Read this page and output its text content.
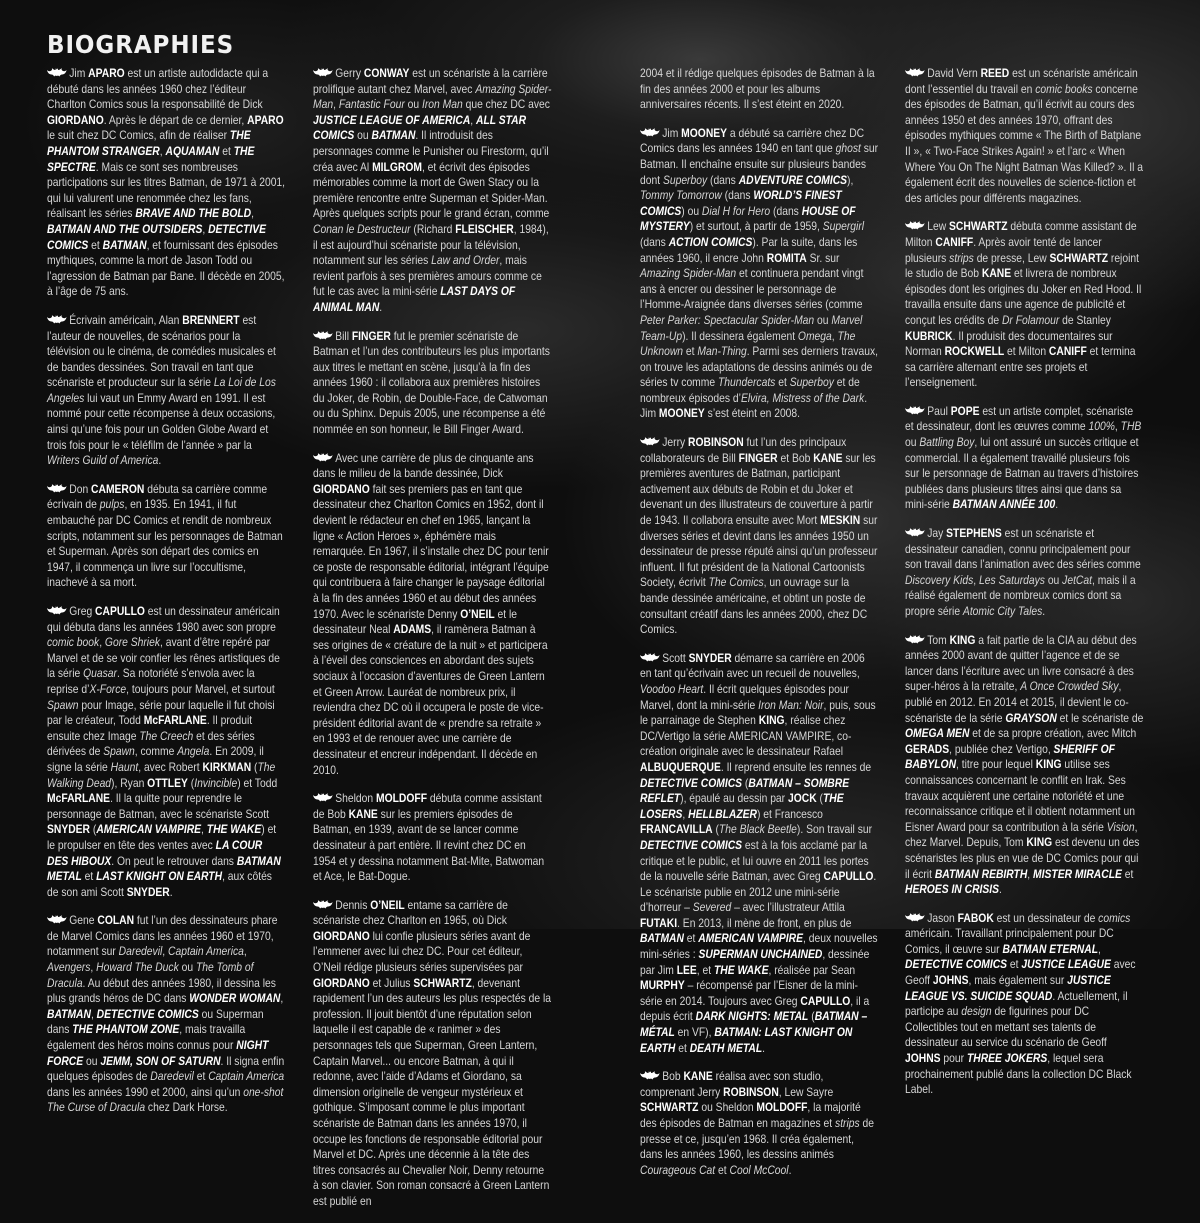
BIOGRAPHIES

Jim APARO est un artiste autodidacte qui a débuté dans les années 1960 chez l’éditeur Charlton Comics sous la responsabilité de Dick GIORDANO. Après le départ de ce dernier, APARO le suit chez DC Comics, afin de réaliser THE PHANTOM STRANGER, AQUAMAN et THE SPECTRE. Mais ce sont ses nombreuses participations sur les titres Batman, de 1971 à 2001, qui lui valurent une renommée chez les fans, réalisant les séries BRAVE AND THE BOLD, BATMAN AND THE OUTSIDERS, DETECTIVE COMICS et BATMAN, et fournissant des épisodes mythiques, comme la mort de Jason Todd ou l’agression de Batman par Bane. Il décède en 2005, à l’âge de 75 ans.

Écrivain américain, Alan BRENNERT est l’auteur de nouvelles, de scénarios pour la télévision ou le cinéma, de comédies musicales et de bandes dessinées. Son travail en tant que scénariste et producteur sur la série La Loi de Los Angeles lui vaut un Emmy Award en 1991. Il est nommé pour cette récompense à deux occasions, ainsi qu’une fois pour un Golden Globe Award et trois fois pour le « téléfilm de l’année » par la Writers Guild of America.

Don CAMERON débuta sa carrière comme écrivain de pulps, en 1935. En 1941, il fut embauché par DC Comics et rendit de nombreux scripts, notamment sur les personnages de Batman et Superman. Après son départ des comics en 1947, il commença un livre sur l’occultisme, inachevé à sa mort.

Greg CAPULLO est un dessinateur américain qui débuta dans les années 1980 avec son propre comic book, Gore Shriek, avant d’être repéré par Marvel et de se voir confier les rênes artistiques de la série Quasar. Sa notoriété s’envola avec la reprise d’X-Force, toujours pour Marvel, et surtout Spawn pour Image, série pour laquelle il fut choisi par le créateur, Todd McFARLANE. Il produit ensuite chez Image The Creech et des séries dérivées de Spawn, comme Angela. En 2009, il signe la série Haunt, avec Robert KIRKMAN (The Walking Dead), Ryan OTTLEY (Invincible) et Todd McFARLANE. Il la quitte pour reprendre le personnage de Batman, avec le scénariste Scott SNYDER (AMERICAN VAMPIRE, THE WAKE) et le propulser en tête des ventes avec LA COUR DES HIBOUX. On peut le retrouver dans BATMAN METAL et LAST KNIGHT ON EARTH, aux côtés de son ami Scott SNYDER.

Gene COLAN fut l’un des dessinateurs phare de Marvel Comics dans les années 1960 et 1970, notamment sur Daredevil, Captain America, Avengers, Howard The Duck ou The Tomb of Dracula. Au début des années 1980, il dessina les plus grands héros de DC dans WONDER WOMAN, BATMAN, DETECTIVE COMICS ou Superman dans THE PHANTOM ZONE, mais travailla également des héros moins connus pour NIGHT FORCE ou JEMM, SON OF SATURN. Il signa enfin quelques épisodes de Daredevil et Captain America dans les années 1990 et 2000, ainsi qu’un one-shot The Curse of Dracula chez Dark Horse.

Gerry CONWAY est un scénariste à la carrière prolifique autant chez Marvel, avec Amazing Spider-Man, Fantastic Four ou Iron Man que chez DC avec JUSTICE LEAGUE OF AMERICA, ALL STAR COMICS ou BATMAN. Il introduisit des personnages comme le Punisher ou Firestorm, qu’il créa avec Al MILGROM, et écrivit des épisodes mémorables comme la mort de Gwen Stacy ou la première rencontre entre Superman et Spider-Man. Après quelques scripts pour le grand écran, comme Conan le Destructeur (Richard FLEISCHER, 1984), il est aujourd’hui scénariste pour la télévision, notamment sur les séries Law and Order, mais revient parfois à ses premières amours comme ce fut le cas avec la mini-série LAST DAYS OF ANIMAL MAN.

Bill FINGER fut le premier scénariste de Batman et l’un des contributeurs les plus importants aux titres le mettant en scène, jusqu’à la fin des années 1960 : il collabora aux premières histoires du Joker, de Robin, de Double-Face, de Catwoman ou du Sphinx. Depuis 2005, une récompense a été nommée en son honneur, le Bill Finger Award.

Avec une carrière de plus de cinquante ans dans le milieu de la bande dessinée, Dick GIORDANO fait ses premiers pas en tant que dessinateur chez Charlton Comics en 1952, dont il devient le rédacteur en chef en 1965, lançant la ligne « Action Heroes », éphémère mais remarquée. En 1967, il s’installe chez DC pour tenir ce poste de responsable éditorial, intégrant l’équipe qui contribuera à faire changer le paysage éditorial à la fin des années 1960 et au début des années 1970. Avec le scénariste Denny O’NEIL et le dessinateur Neal ADAMS, il ramènera Batman à ses origines de « créature de la nuit » et participera à l’éveil des consciences en abordant des sujets sociaux à l’occasion d’aventures de Green Lantern et Green Arrow. Lauréat de nombreux prix, il reviendra chez DC où il occupera le poste de vice-président éditorial avant de « prendre sa retraite » en 1993 et de renouer avec une carrière de dessinateur et encreur indépendant. Il décède en 2010.

Sheldon MOLDOFF débuta comme assistant de Bob KANE sur les premiers épisodes de Batman, en 1939, avant de se lancer comme dessinateur à part entière. Il revint chez DC en 1954 et y dessina notamment Bat-Mite, Batwoman et Ace, le Bat-Dogue.

Dennis O’NEIL entame sa carrière de scénariste chez Charlton en 1965, où Dick GIORDANO lui confie plusieurs séries avant de l’emmener avec lui chez DC. Pour cet éditeur, O’Neil rédige plusieurs séries supervisées par GIORDANO et Julius SCHWARTZ, devenant rapidement l’un des auteurs les plus respectés de la profession. Il jouit bientôt d’une réputation selon laquelle il est capable de « ranimer » des personnages tels que Superman, Green Lantern, Captain Marvel... ou encore Batman, à qui il redonne, avec l’aide d’Adams et Giordano, sa dimension originelle de vengeur mystérieux et gothique. S’imposant comme le plus important scénariste de Batman dans les années 1970, il occupe les fonctions de responsable éditorial pour Marvel et DC. Après une décennie à la tête des titres consacrés au Chevalier Noir, Denny retourne à son clavier. Son roman consacré à Green Lantern est publié en

2004 et il rédige quelques épisodes de Batman à la fin des années 2000 et pour les albums anniversaires récents. Il s’est éteint en 2020.

Jim MOONEY a débuté sa carrière chez DC Comics dans les années 1940 en tant que ghost sur Batman. Il enchaîne ensuite sur plusieurs bandes dont Superboy (dans ADVENTURE COMICS), Tommy Tomorrow (dans WORLD’S FINEST COMICS) ou Dial H for Hero (dans HOUSE OF MYSTERY) et surtout, à partir de 1959, Supergirl (dans ACTION COMICS). Par la suite, dans les années 1960, il encre John ROMITA Sr. sur Amazing Spider-Man et continuera pendant vingt ans à encrer ou dessiner le personnage de l’Homme-Araignée dans diverses séries (comme Peter Parker: Spectacular Spider-Man ou Marvel Team-Up). Il dessinera également Omega, The Unknown et Man-Thing. Parmi ses derniers travaux, on trouve les adaptations de dessins animés ou de séries tv comme Thundercats et Superboy et de nombreux épisodes d’Elvira, Mistress of the Dark. Jim MOONEY s’est éteint en 2008.

Jerry ROBINSON fut l’un des principaux collaborateurs de Bill FINGER et Bob KANE sur les premières aventures de Batman, participant activement aux débuts de Robin et du Joker et devenant un des illustrateurs de couverture à partir de 1943. Il collabora ensuite avec Mort MESKIN sur diverses séries et devint dans les années 1950 un dessinateur de presse réputé ainsi qu’un professeur influent. Il fut président de la National Cartoonists Society, écrivit The Comics, un ouvrage sur la bande dessinée américaine, et obtint un poste de consultant créatif dans les années 2000, chez DC Comics.

Scott SNYDER démarre sa carrière en 2006 en tant qu’écrivain avec un recueil de nouvelles, Voodoo Heart. Il écrit quelques épisodes pour Marvel, dont la mini-série Iron Man: Noir, puis, sous le parrainage de Stephen KING, réalise chez DC/Vertigo la série AMERICAN VAMPIRE, co-création originale avec le dessinateur Rafael ALBUQUERQUE. Il reprend ensuite les rennes de DETECTIVE COMICS (BATMAN – SOMBRE REFLET), épaulé au dessin par JOCK (THE LOSERS, HELLBLAZER) et Francesco FRANCAVILLA (The Black Beetle). Son travail sur DETECTIVE COMICS est à la fois acclamé par la critique et le public, et lui ouvre en 2011 les portes de la nouvelle série Batman, avec Greg CAPULLO. Le scénariste publie en 2012 une mini-série d’horreur – Severed – avec l’illustrateur Attila FUTAKI. En 2013, il mène de front, en plus de BATMAN et AMERICAN VAMPIRE, deux nouvelles mini-séries : SUPERMAN UNCHAINED, dessinée par Jim LEE, et THE WAKE, réalisée par Sean MURPHY – récompensé par l’Eisner de la mini-série en 2014. Toujours avec Greg CAPULLO, il a depuis écrit DARK NIGHTS: METAL (BATMAN – MÉTAL en VF), BATMAN: LAST KNIGHT ON EARTH et DEATH METAL.

Bob KANE réalisa avec son studio, comprenant Jerry ROBINSON, Lew Sayre SCHWARTZ ou Sheldon MOLDOFF, la majorité des épisodes de Batman en magazines et strips de presse et ce, jusqu’en 1968. Il créa également, dans les années 1960, les dessins animés Courageous Cat et Cool McCool.

David Vern REED est un scénariste américain dont l’essentiel du travail en comic books concerne des épisodes de Batman, qu’il écrivit au cours des années 1950 et des années 1970, offrant des épisodes mythiques comme « The Birth of Batplane II », « Two-Face Strikes Again! » et l’arc « When Where You On The Night Batman Was Killed? ». Il a également écrit des nouvelles de science-fiction et des articles pour différents magazines.

Lew SCHWARTZ débuta comme assistant de Milton CANIFF. Après avoir tenté de lancer plusieurs strips de presse, Lew SCHWARTZ rejoint le studio de Bob KANE et livrera de nombreux épisodes dont les origines du Joker en Red Hood. Il travailla ensuite dans une agence de publicité et conçut les crédits de Dr Folamour de Stanley KUBRICK. Il produisit des documentaires sur Norman ROCKWELL et Milton CANIFF et termina sa carrière alternant entre ses projets et l’enseignement.

Paul POPE est un artiste complet, scénariste et dessinateur, dont les œuvres comme 100%, THB ou Battling Boy, lui ont assuré un succès critique et commercial. Il a également travaillé plusieurs fois sur le personnage de Batman au travers d’histoires publiées dans plusieurs titres ainsi que dans sa mini-série BATMAN ANNÉE 100.

Jay STEPHENS est un scénariste et dessinateur canadien, connu principalement pour son travail dans l’animation avec des séries comme Discovery Kids, Les Saturdays ou JetCat, mais il a réalisé également de nombreux comics dont sa propre série Atomic City Tales.

Tom KING a fait partie de la CIA au début des années 2000 avant de quitter l’agence et de se lancer dans l’écriture avec un livre consacré à des super-héros à la retraite, A Once Crowded Sky, publié en 2012. En 2014 et 2015, il devient le co-scénariste de la série GRAYSON et le scénariste de OMEGA MEN et de sa propre création, avec Mitch GERADS, publiée chez Vertigo, SHERIFF OF BABYLON, titre pour lequel KING utilise ses connaissances concernant le conflit en Irak. Ses travaux acquièrent une certaine notoriété et une reconnaissance critique et il obtient notamment un Eisner Award pour sa contribution à la série Vision, chez Marvel. Depuis, Tom KING est devenu un des scénaristes les plus en vue de DC Comics pour qui il écrit BATMAN REBIRTH, MISTER MIRACLE et HEROES IN CRISIS.

Jason FABOK est un dessinateur de comics américain. Travaillant principalement pour DC Comics, il œuvre sur BATMAN ETERNAL, DETECTIVE COMICS et JUSTICE LEAGUE avec Geoff JOHNS, mais également sur JUSTICE LEAGUE VS. SUICIDE SQUAD. Actuellement, il participe au design de figurines pour DC Collectibles tout en mettant ses talents de dessinateur au service du scénario de Geoff JOHNS pour THREE JOKERS, lequel sera prochainement publié dans la collection DC Black Label.
